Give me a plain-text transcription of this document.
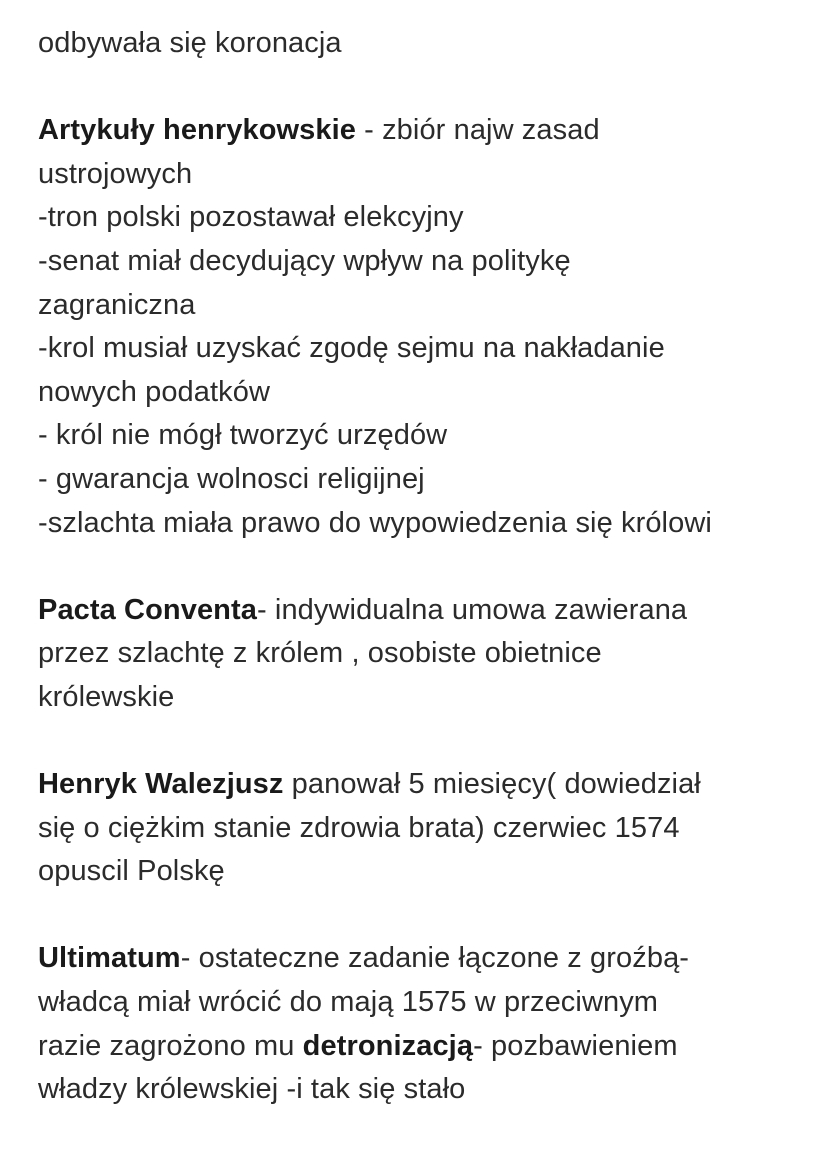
odbywała się koronacja
Artykuły henrykowskie - zbiór najw zasad
ustrojowych
-tron polski pozostawał elekcyjny
-senat miał decydujący wpływ na politykę
zagraniczna
-krol musiał uzyskać zgodę sejmu na nakładanie
nowych podatków
- król nie mógł tworzyć urzędów
- gwarancja wolnosci religijnej
-szlachta miała prawo do wypowiedzenia się królowi
Pacta Conventa- indywidualna umowa zawierana
przez szlachtę z królem , osobiste obietnice
królewskie
Henryk Walezjusz panował 5 miesięcy( dowiedział
się o ciężkim stanie zdrowia brata) czerwiec 1574
opuscil Polskę
Ultimatum- ostateczne zadanie łączone z groźbą-
władcą miał wrócić do mają 1575 w przeciwnym
razie zagrożono mu detronizacją- pozbawieniem
władzy królewskiej -i tak się stało
